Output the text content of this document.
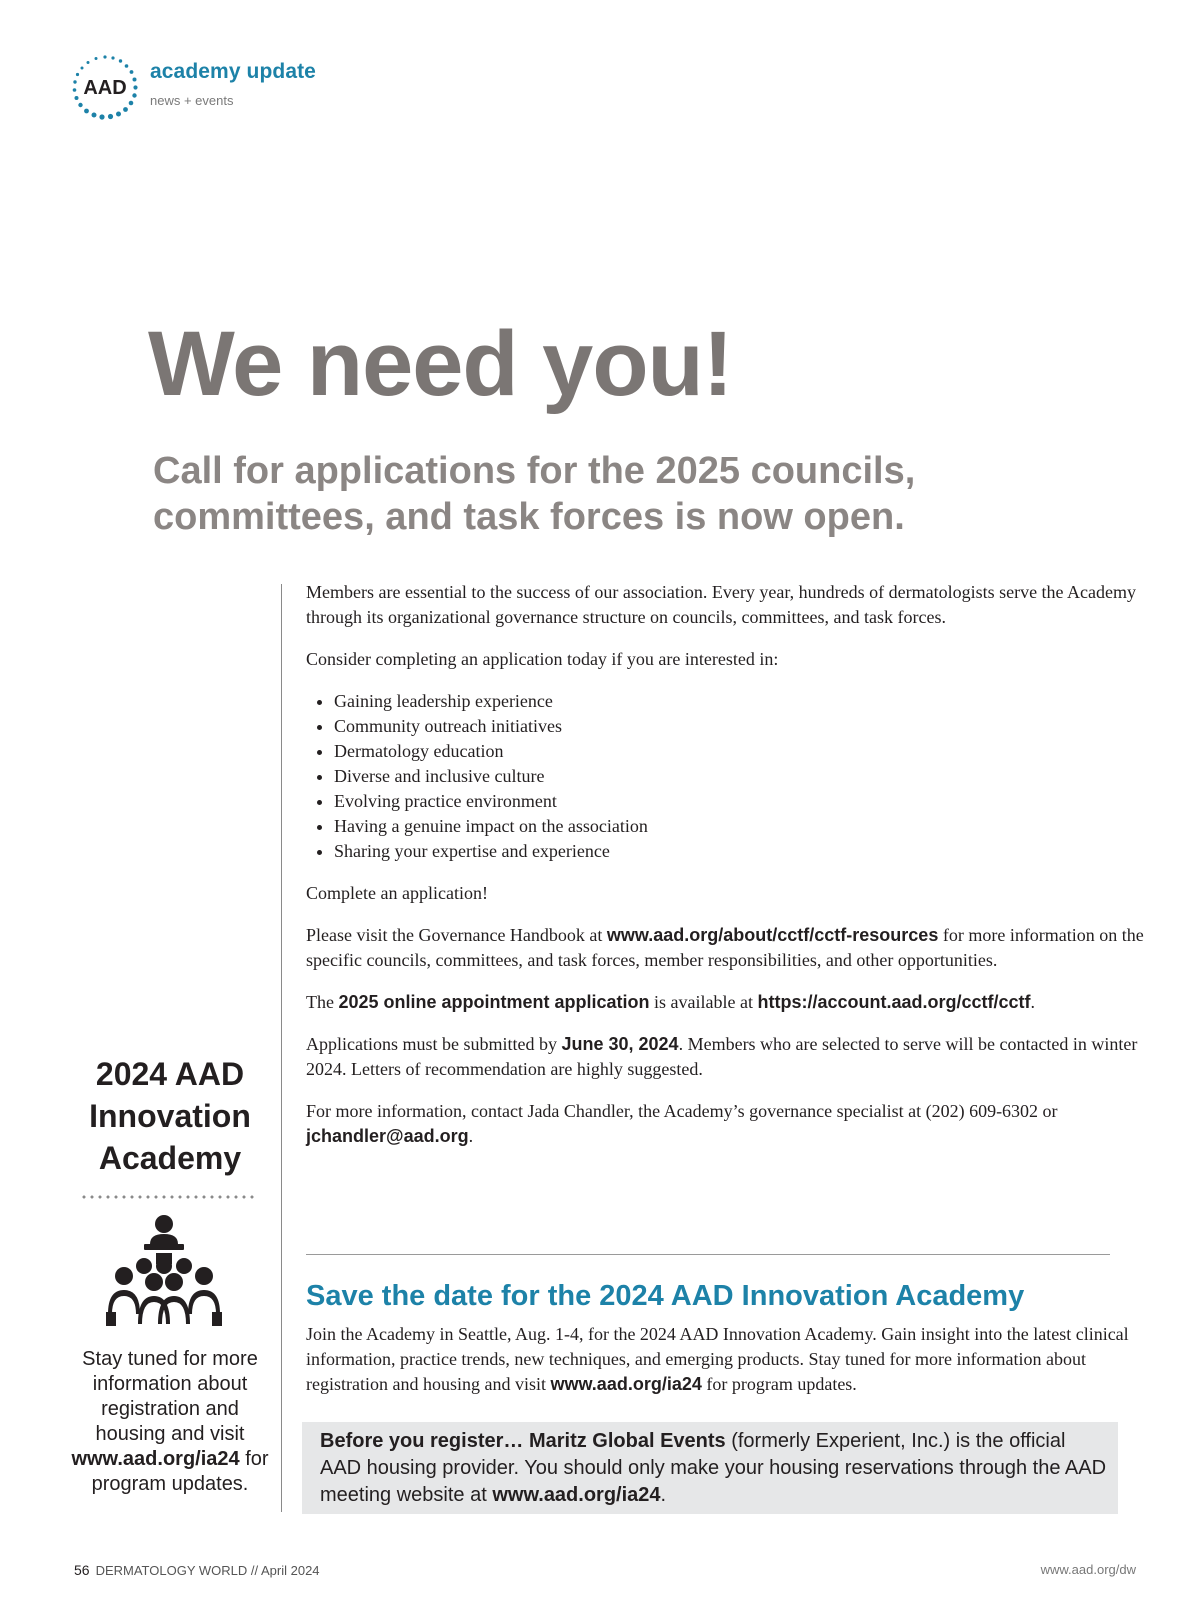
AAD
academy update
news + events
We need you!
Call for applications for the 2025 councils, committees, and task forces is now open.

Members are essential to the success of our association. Every year, hundreds of dermatologists serve the Academy through its organizational governance structure on councils, committees, and task forces.

Consider completing an application today if you are interested in:

• Gaining leadership experience
• Community outreach initiatives
• Dermatology education
• Diverse and inclusive culture
• Evolving practice environment
• Having a genuine impact on the association
• Sharing your expertise and experience

Complete an application!

Please visit the Governance Handbook at www.aad.org/about/cctf/cctf-resources for more information on the specific councils, committees, and task forces, member responsibilities, and other opportunities.

The 2025 online appointment application is available at https://account.aad.org/cctf/cctf.

Applications must be submitted by June 30, 2024. Members who are selected to serve will be contacted in winter 2024. Letters of recommendation are highly suggested.

For more information, contact Jada Chandler, the Academy’s governance specialist at (202) 609-6302 or jchandler@aad.org.

Save the date for the 2024 AAD Innovation Academy
Join the Academy in Seattle, Aug. 1-4, for the 2024 AAD Innovation Academy. Gain insight into the latest clinical information, practice trends, new techniques, and emerging products. Stay tuned for more information about registration and housing and visit www.aad.org/ia24 for program updates.
Before you register… Maritz Global Events (formerly Experient, Inc.) is the official AAD housing provider. You should only make your housing reservations through the AAD meeting website at www.aad.org/ia24.
2024 AAD
Innovation
Academy
Stay tuned for more information about registration and housing and visit www.aad.org/ia24 for program updates.
56 DERMATOLOGY WORLD // April 2024	www.aad.org/dw
